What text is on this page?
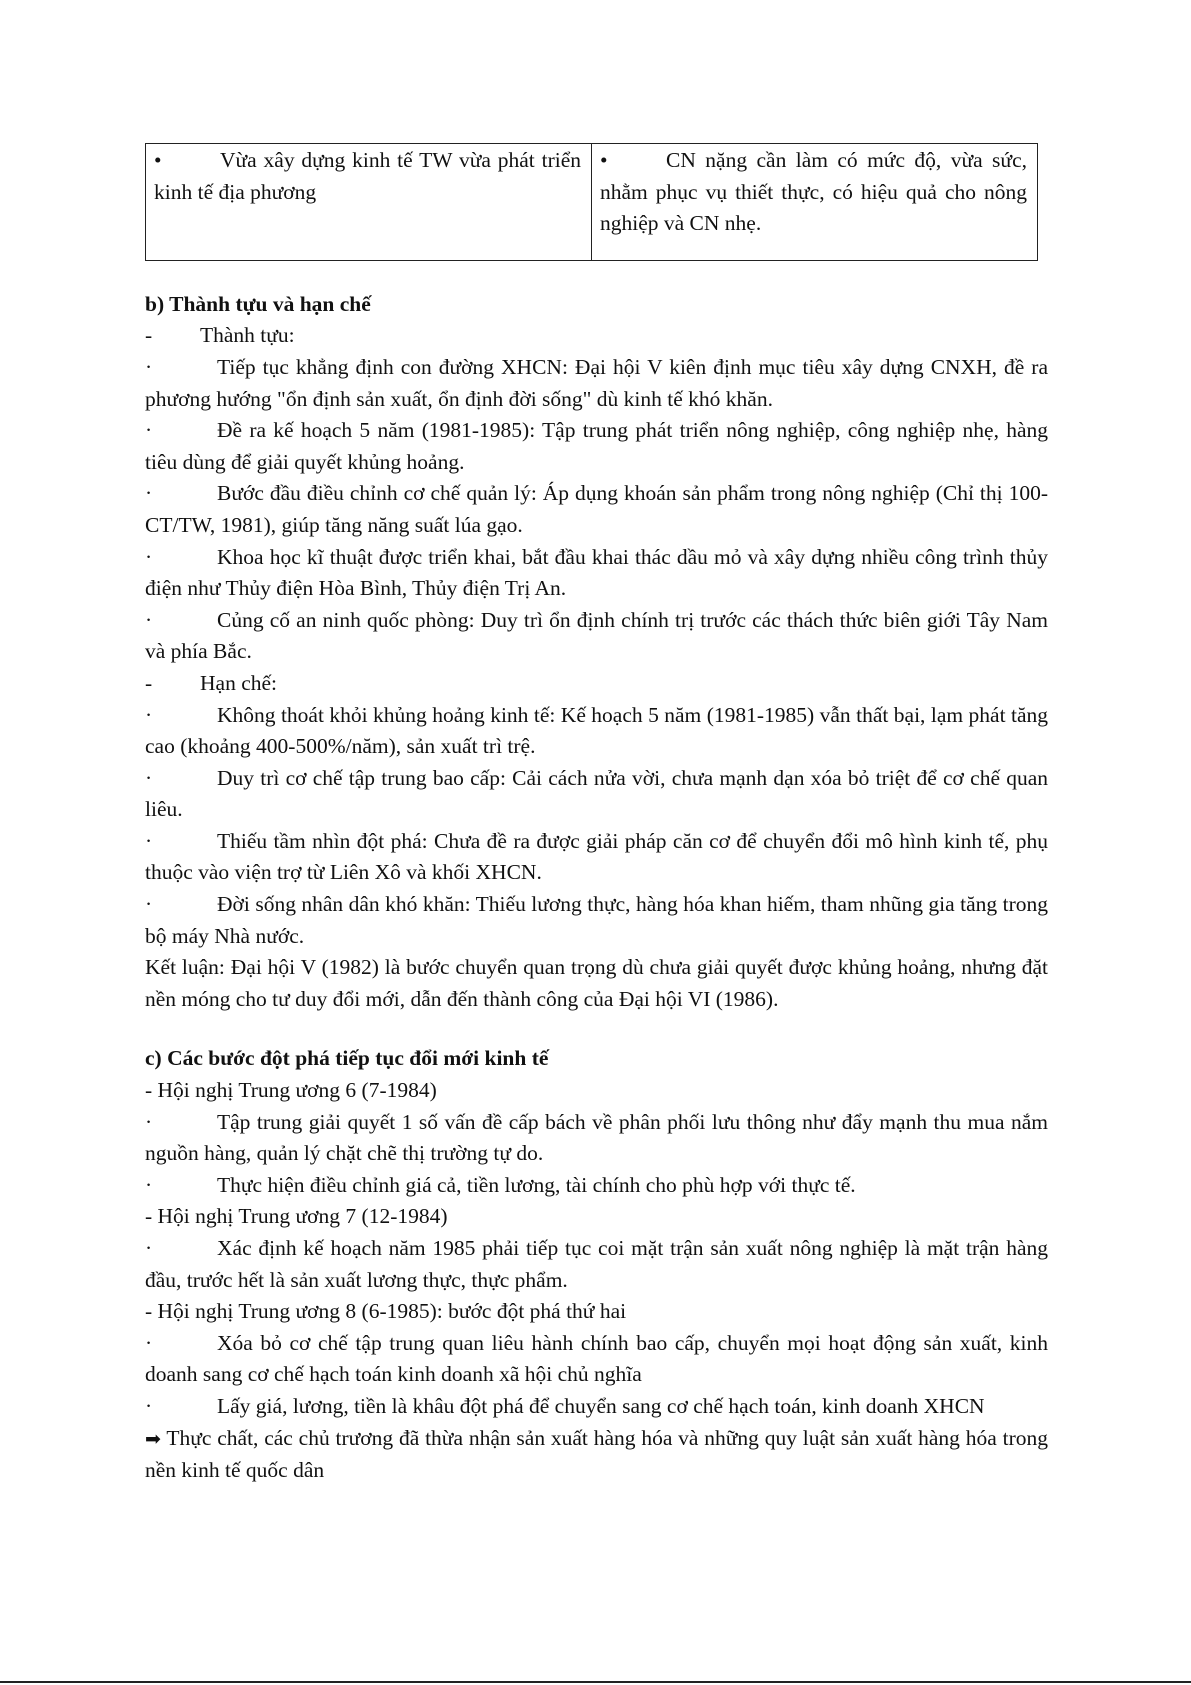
•	Vừa xây dựng kinh tế TW vừa phát triển kinh tế địa phương	•	CN nặng cần làm có mức độ, vừa sức, nhằm phục vụ thiết thực, có hiệu quả cho nông nghiệp và CN nhẹ.

b) Thành tựu và hạn chế

- Thành tựu:

·	Tiếp tục khẳng định con đường XHCN: Đại hội V kiên định mục tiêu xây dựng CNXH, đề ra phương hướng "ổn định sản xuất, ổn định đời sống" dù kinh tế khó khăn.

·	Đề ra kế hoạch 5 năm (1981-1985): Tập trung phát triển nông nghiệp, công nghiệp nhẹ, hàng tiêu dùng để giải quyết khủng hoảng.

·	Bước đầu điều chỉnh cơ chế quản lý: Áp dụng khoán sản phẩm trong nông nghiệp (Chỉ thị 100-CT/TW, 1981), giúp tăng năng suất lúa gạo.

·	Khoa học kĩ thuật được triển khai, bắt đầu khai thác dầu mỏ và xây dựng nhiều công trình thủy điện như Thủy điện Hòa Bình, Thủy điện Trị An.

·	Củng cố an ninh quốc phòng: Duy trì ổn định chính trị trước các thách thức biên giới Tây Nam và phía Bắc.

- Hạn chế:

·	Không thoát khỏi khủng hoảng kinh tế: Kế hoạch 5 năm (1981-1985) vẫn thất bại, lạm phát tăng cao (khoảng 400-500%/năm), sản xuất trì trệ.

·	Duy trì cơ chế tập trung bao cấp: Cải cách nửa vời, chưa mạnh dạn xóa bỏ triệt để cơ chế quan liêu.

·	Thiếu tầm nhìn đột phá: Chưa đề ra được giải pháp căn cơ để chuyển đổi mô hình kinh tế, phụ thuộc vào viện trợ từ Liên Xô và khối XHCN.

·	Đời sống nhân dân khó khăn: Thiếu lương thực, hàng hóa khan hiếm, tham nhũng gia tăng trong bộ máy Nhà nước.

Kết luận: Đại hội V (1982) là bước chuyển quan trọng dù chưa giải quyết được khủng hoảng, nhưng đặt nền móng cho tư duy đổi mới, dẫn đến thành công của Đại hội VI (1986).

c) Các bước đột phá tiếp tục đổi mới kinh tế

- Hội nghị Trung ương 6 (7-1984)

·	Tập trung giải quyết 1 số vấn đề cấp bách về phân phối lưu thông như đẩy mạnh thu mua nắm nguồn hàng, quản lý chặt chẽ thị trường tự do.

·	Thực hiện điều chỉnh giá cả, tiền lương, tài chính cho phù hợp với thực tế.

- Hội nghị Trung ương 7 (12-1984)

·	Xác định kế hoạch năm 1985 phải tiếp tục coi mặt trận sản xuất nông nghiệp là mặt trận hàng đầu, trước hết là sản xuất lương thực, thực phẩm.

- Hội nghị Trung ương 8 (6-1985): bước đột phá thứ hai

·	Xóa bỏ cơ chế tập trung quan liêu hành chính bao cấp, chuyển mọi hoạt động sản xuất, kinh doanh sang cơ chế hạch toán kinh doanh xã hội chủ nghĩa

·	Lấy giá, lương, tiền là khâu đột phá để chuyển sang cơ chế hạch toán, kinh doanh XHCN

➡ Thực chất, các chủ trương đã thừa nhận sản xuất hàng hóa và những quy luật sản xuất hàng hóa trong nền kinh tế quốc dân
